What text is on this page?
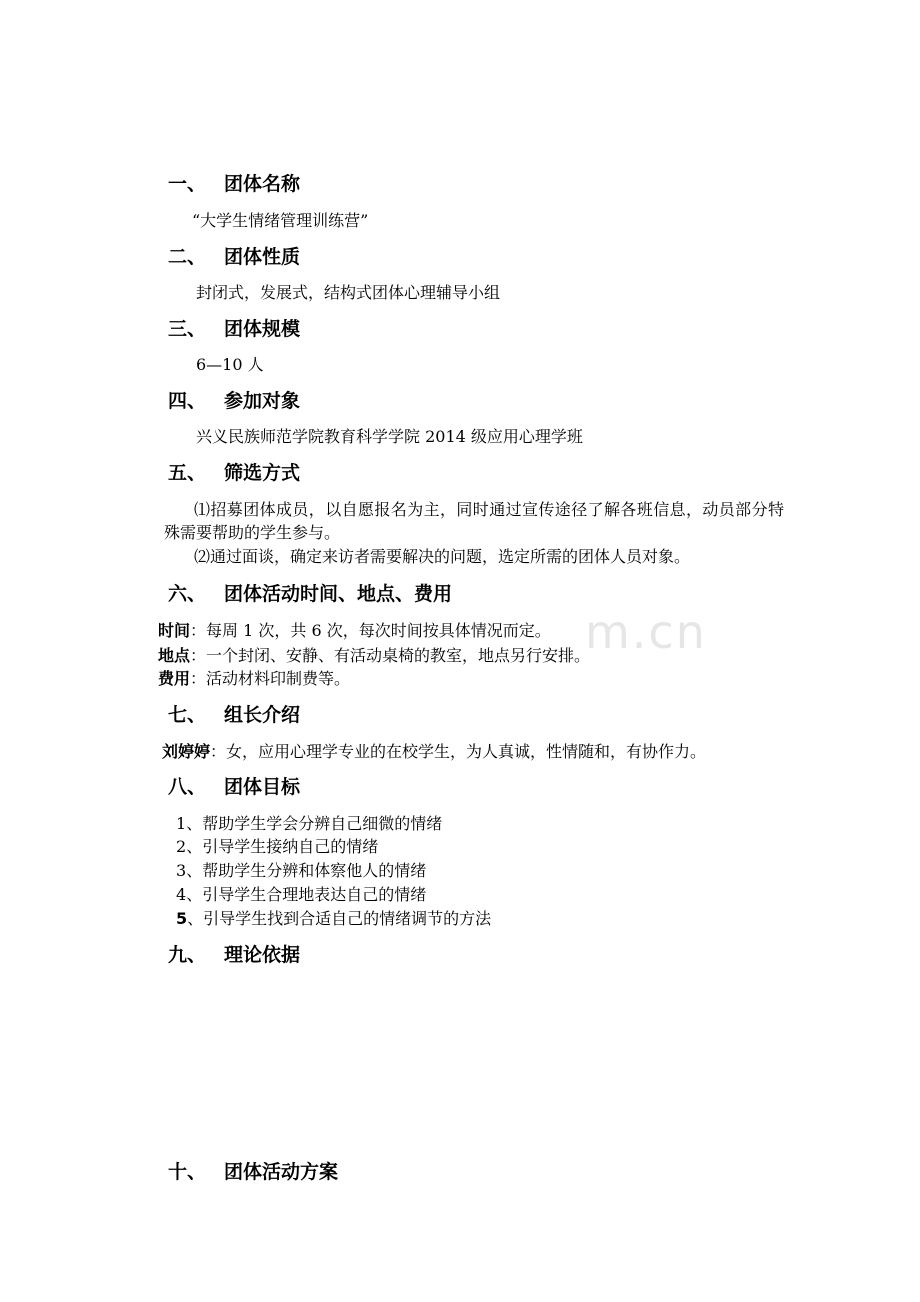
m.cn
一、 团体名称
“大学生情绪管理训练营”
二、 团体性质
封闭式，发展式，结构式团体心理辅导小组
三、 团体规模
6—10 人
四、 参加对象
兴义民族师范学院教育科学学院 2014 级应用心理学班
五、 筛选方式
⑴招募团体成员，以自愿报名为主，同时通过宣传途径了解各班信息，动员部分特殊需要帮助的学生参与。
⑵通过面谈，确定来访者需要解决的问题，选定所需的团体人员对象。
六、 团体活动时间、地点、费用
时间：每周 1 次，共 6 次，每次时间按具体情况而定。
地点：一个封闭、安静、有活动桌椅的教室，地点另行安排。
费用：活动材料印制费等。
七、 组长介绍
刘婷婷：女，应用心理学专业的在校学生，为人真诚，性情随和，有协作力。
八、 团体目标
1、帮助学生学会分辨自己细微的情绪
2、引导学生接纳自己的情绪
3、帮助学生分辨和体察他人的情绪
4、引导学生合理地表达自己的情绪
5、引导学生找到合适自己的情绪调节的方法
九、 理论依据
十、 团体活动方案
